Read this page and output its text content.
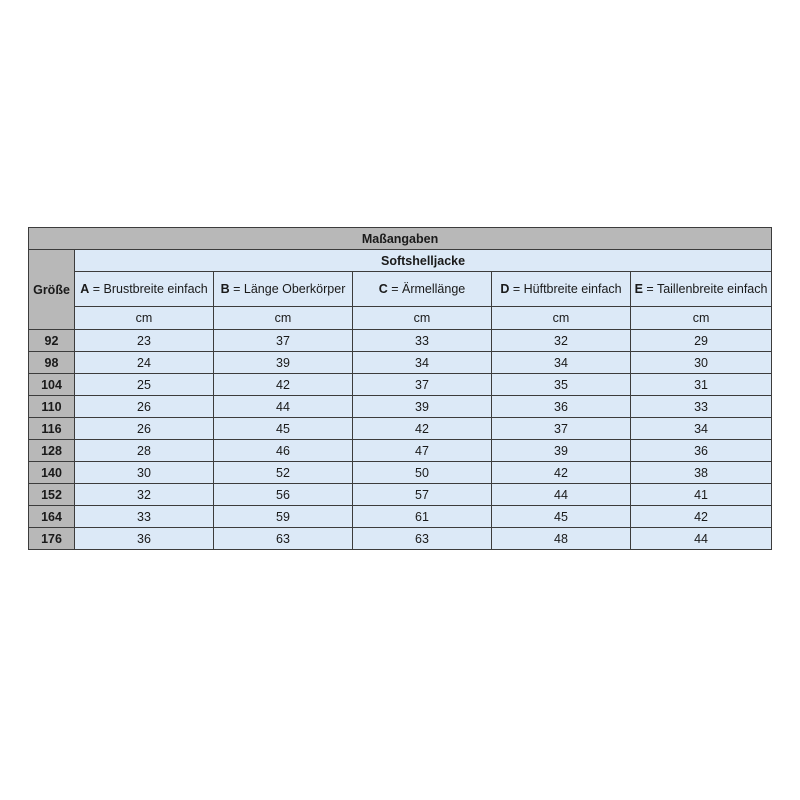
Maßangaben					
Größe	Softshelljacke				
	A = Brustbreite einfach	B = Länge Oberkörper	C = Ärmellänge	D = Hüftbreite einfach	E = Taillenbreite einfach
	cm	cm	cm	cm	cm
92	23	37	33	32	29
98	24	39	34	34	30
104	25	42	37	35	31
110	26	44	39	36	33
116	26	45	42	37	34
128	28	46	47	39	36
140	30	52	50	42	38
152	32	56	57	44	41
164	33	59	61	45	42
176	36	63	63	48	44
